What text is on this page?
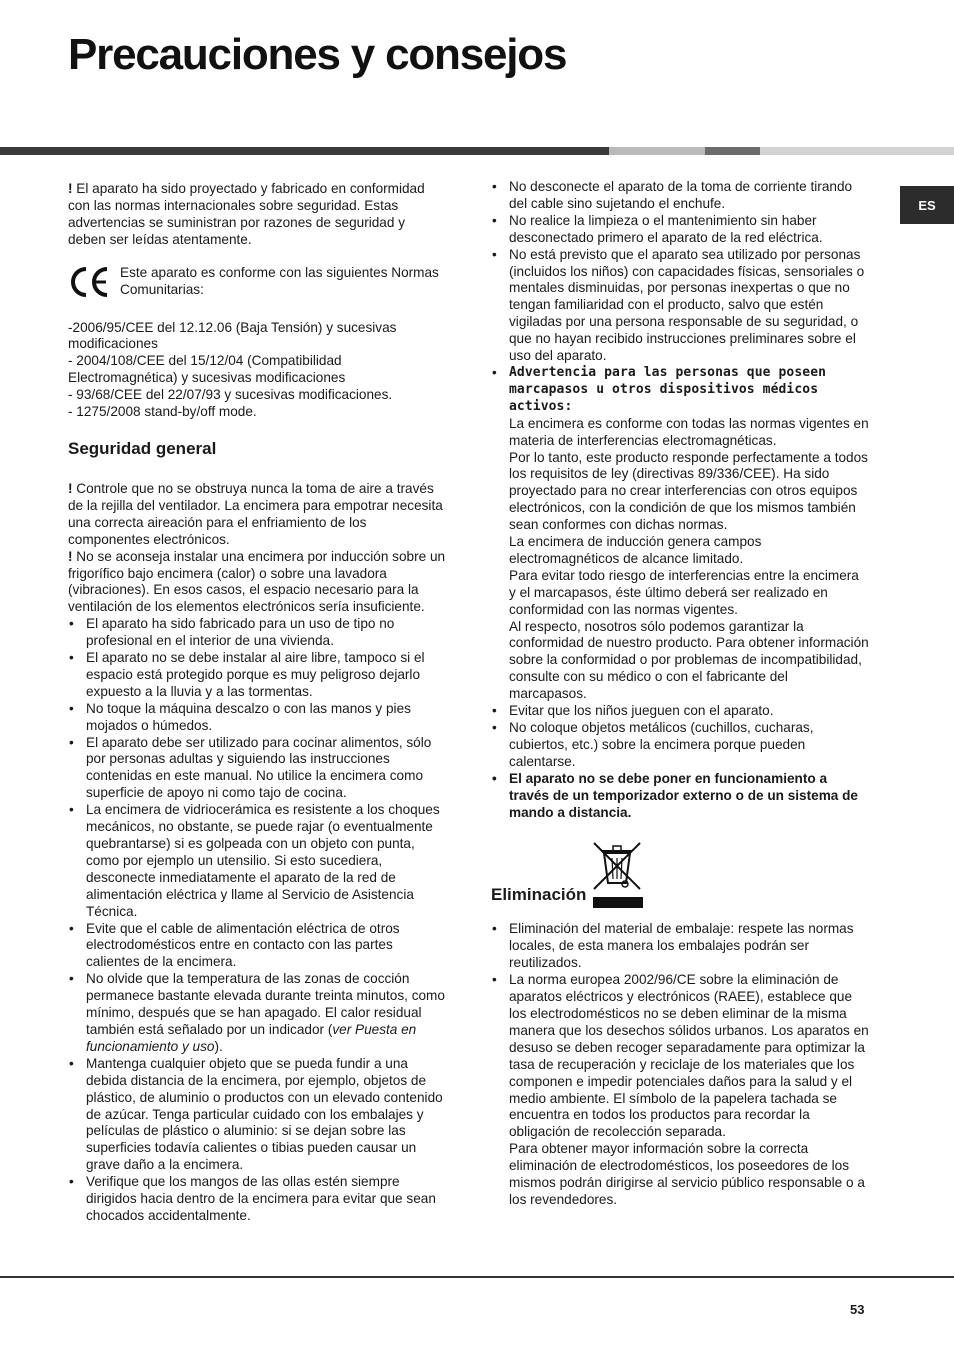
Precauciones y consejos
ES

! El aparato ha sido proyectado y fabricado en conformidad con las normas internacionales sobre seguridad. Estas advertencias se suministran por razones de seguridad y deben ser leídas atentamente.

Este aparato es conforme con las siguientes Normas Comunitarias:

-2006/95/CEE del 12.12.06 (Baja Tensión) y sucesivas modificaciones

- 2004/108/CEE del 15/12/04 (Compatibilidad Electromagnética) y sucesivas modificaciones

- 93/68/CEE del 22/07/93 y sucesivas modificaciones.

- 1275/2008 stand-by/off mode.

Seguridad general

! Controle que no se obstruya nunca la toma de aire a través de la rejilla del ventilador. La encimera para empotrar necesita una correcta aireación para el enfriamiento de los componentes electrónicos.

! No se aconseja instalar una encimera por inducción sobre un frigorífico bajo encimera (calor) o sobre una lavadora (vibraciones). En esos casos, el espacio necesario para la ventilación de los elementos electrónicos sería insuficiente.

• El aparato ha sido fabricado para un uso de tipo no profesional en el interior de una vivienda.
• El aparato no se debe instalar al aire libre, tampoco si el espacio está protegido porque es muy peligroso dejarlo expuesto a la lluvia y a las tormentas.
• No toque la máquina descalzo o con las manos y pies mojados o húmedos.
• El aparato debe ser utilizado para cocinar alimentos, sólo por personas adultas y siguiendo las instrucciones contenidas en este manual. No utilice la encimera como superficie de apoyo ni como tajo de cocina.
• La encimera de vidriocerámica es resistente a los choques mecánicos, no obstante, se puede rajar (o eventualmente quebrantarse) si es golpeada con un objeto con punta, como por ejemplo un utensilio. Si esto sucediera, desconecte inmediatamente el aparato de la red de alimentación eléctrica y llame al Servicio de Asistencia Técnica.
• Evite que el cable de alimentación eléctrica de otros electrodomésticos entre en contacto con las partes calientes de la encimera.
• No olvide que la temperatura de las zonas de cocción permanece bastante elevada durante treinta minutos, como mínimo, después que se han apagado. El calor residual también está señalado por un indicador (ver Puesta en funcionamiento y uso).
• Mantenga cualquier objeto que se pueda fundir a una debida distancia de la encimera, por ejemplo, objetos de plástico, de aluminio o productos con un elevado contenido de azúcar. Tenga particular cuidado con los embalajes y películas de plástico o aluminio: si se dejan sobre las superficies todavía calientes o tibias pueden causar un grave daño a la encimera.
• Verifique que los mangos de las ollas estén siempre dirigidos hacia dentro de la encimera para evitar que sean chocados accidentalmente.
• No desconecte el aparato de la toma de corriente tirando del cable sino sujetando el enchufe.
• No realice la limpieza o el mantenimiento sin haber desconectado primero el aparato de la red eléctrica.
• No está previsto que el aparato sea utilizado por personas (incluidos los niños) con capacidades físicas, sensoriales o mentales disminuidas, por personas inexpertas o que no tengan familiaridad con el producto, salvo que estén vigiladas por una persona responsable de su seguridad, o que no hayan recibido instrucciones preliminares sobre el uso del aparato.

• Advertencia para las personas que poseen marcapasos u otros dispositivos médicos activos:

La encimera es conforme con todas las normas vigentes en materia de interferencias electromagnéticas.

Por lo tanto, este producto responde perfectamente a todos los requisitos de ley (directivas 89/336/CEE). Ha sido proyectado para no crear interferencias con otros equipos electrónicos, con la condición de que los mismos también sean conformes con dichas normas.

La encimera de inducción genera campos electromagnéticos de alcance limitado.

Para evitar todo riesgo de interferencias entre la encimera y el marcapasos, éste último deberá ser realizado en conformidad con las normas vigentes.

Al respecto, nosotros sólo podemos garantizar la conformidad de nuestro producto. Para obtener información sobre la conformidad o por problemas de incompatibilidad, consulte con su médico o con el fabricante del marcapasos.

• Evitar que los niños jueguen con el aparato.
• No coloque objetos metálicos (cuchillos, cucharas, cubiertos, etc.) sobre la encimera porque pueden calentarse.
• El aparato no se debe poner en funcionamiento a través de un temporizador externo o de un sistema de mando a distancia.
Eliminación
• Eliminación del material de embalaje: respete las normas locales, de esta manera los embalajes podrán ser reutilizados.

• La norma europea 2002/96/CE sobre la eliminación de aparatos eléctricos y electrónicos (RAEE), establece que los electrodomésticos no se deben eliminar de la misma manera que los desechos sólidos urbanos. Los aparatos en desuso se deben recoger separadamente para optimizar la tasa de recuperación y reciclaje de los materiales que los componen e impedir potenciales daños para la salud y el medio ambiente. El símbolo de la papelera tachada se encuentra en todos los productos para recordar la obligación de recolección separada.

Para obtener mayor información sobre la correcta eliminación de electrodomésticos, los poseedores de los mismos podrán dirigirse al servicio público responsable o a los revendedores.

53
